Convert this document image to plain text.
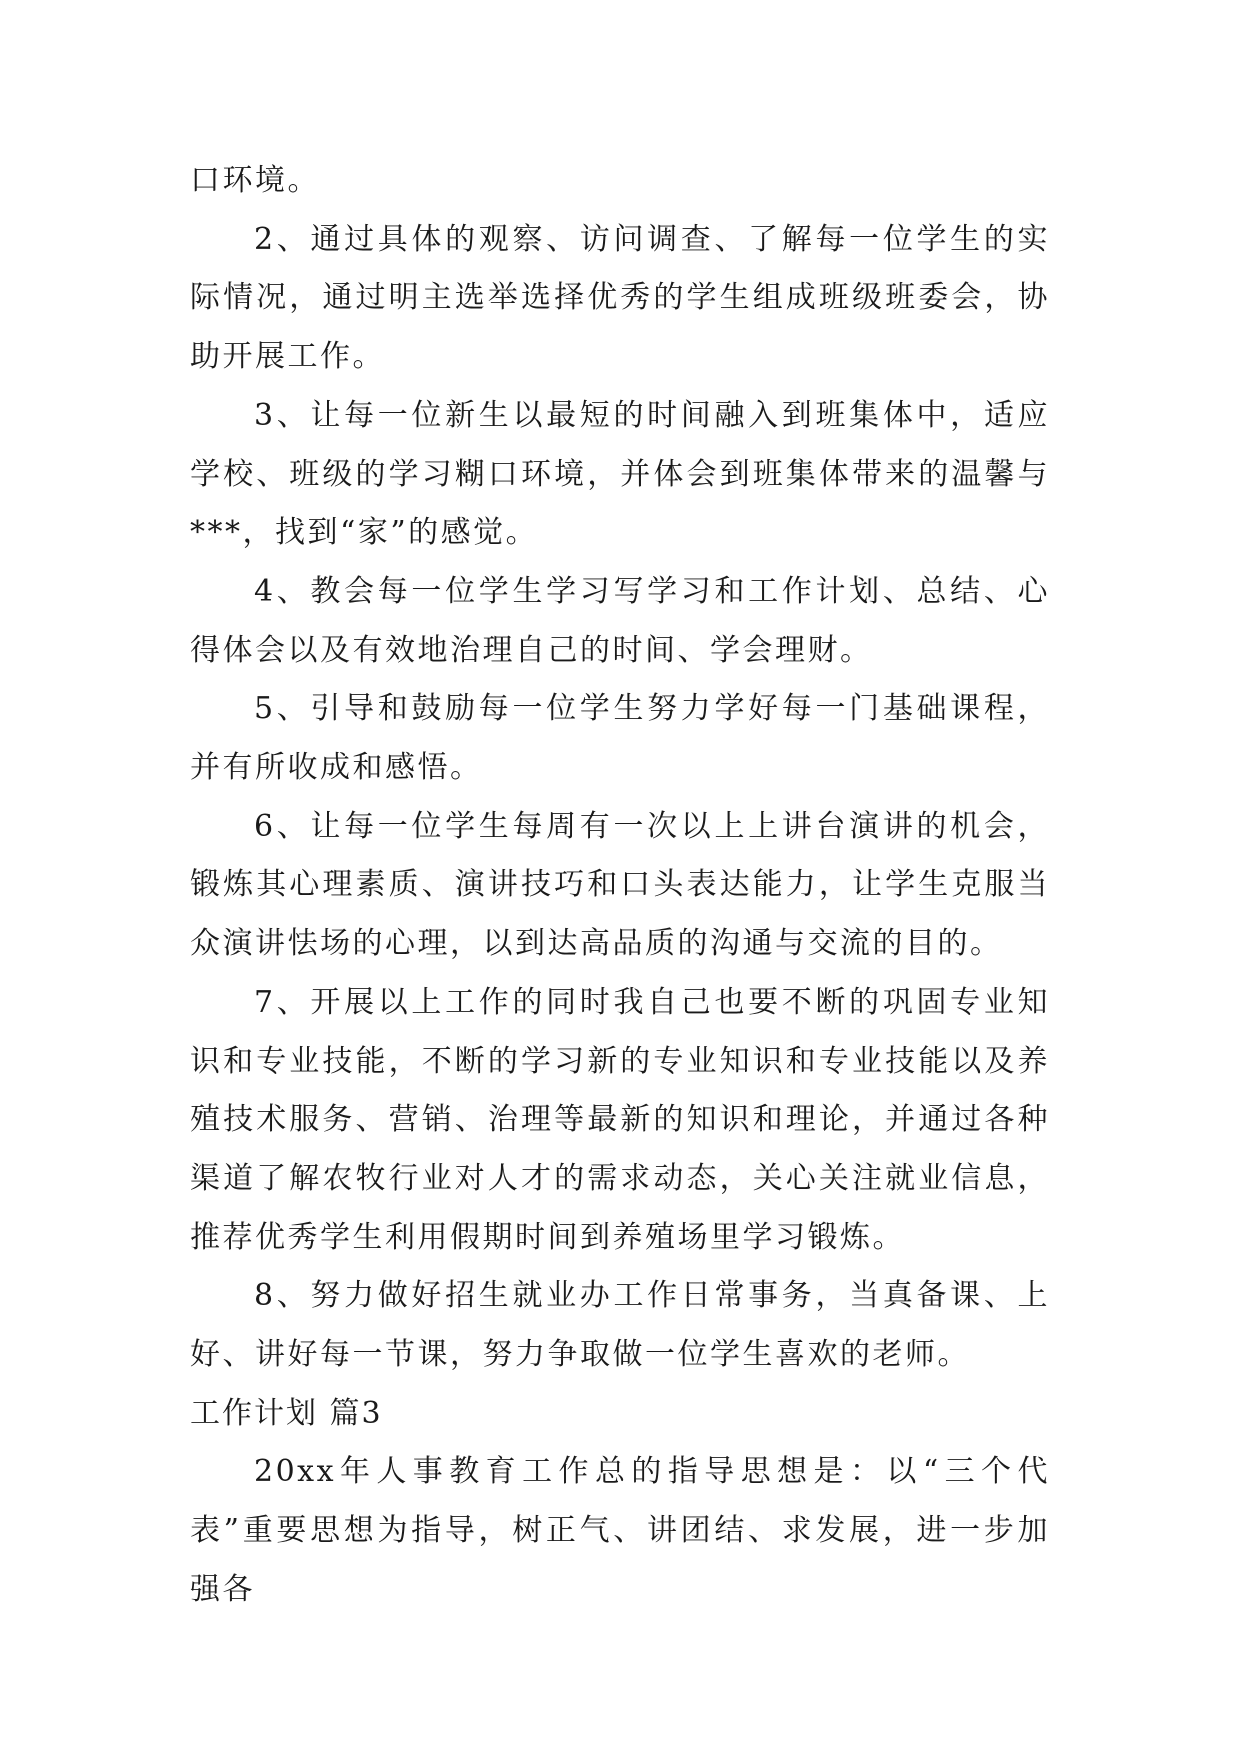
口环境。

2、通过具体的观察、访问调查、了解每一位学生的实际情况，通过明主选举选择优秀的学生组成班级班委会，协助开展工作。

3、让每一位新生以最短的时间融入到班集体中，适应学校、班级的学习糊口环境，并体会到班集体带来的温馨与***，找到“家”的感觉。

4、教会每一位学生学习写学习和工作计划、总结、心得体会以及有效地治理自己的时间、学会理财。

5、引导和鼓励每一位学生努力学好每一门基础课程，并有所收成和感悟。

6、让每一位学生每周有一次以上上讲台演讲的机会，锻炼其心理素质、演讲技巧和口头表达能力，让学生克服当众演讲怯场的心理，以到达高品质的沟通与交流的目的。

7、开展以上工作的同时我自己也要不断的巩固专业知识和专业技能，不断的学习新的专业知识和专业技能以及养殖技术服务、营销、治理等最新的知识和理论，并通过各种渠道了解农牧行业对人才的需求动态，关心关注就业信息，推荐优秀学生利用假期时间到养殖场里学习锻炼。

8、努力做好招生就业办工作日常事务，当真备课、上好、讲好每一节课，努力争取做一位学生喜欢的老师。

工作计划 篇3

20xx年人事教育工作总的指导思想是：以“三个代表”重要思想为指导，树正气、讲团结、求发展，进一步加强各
